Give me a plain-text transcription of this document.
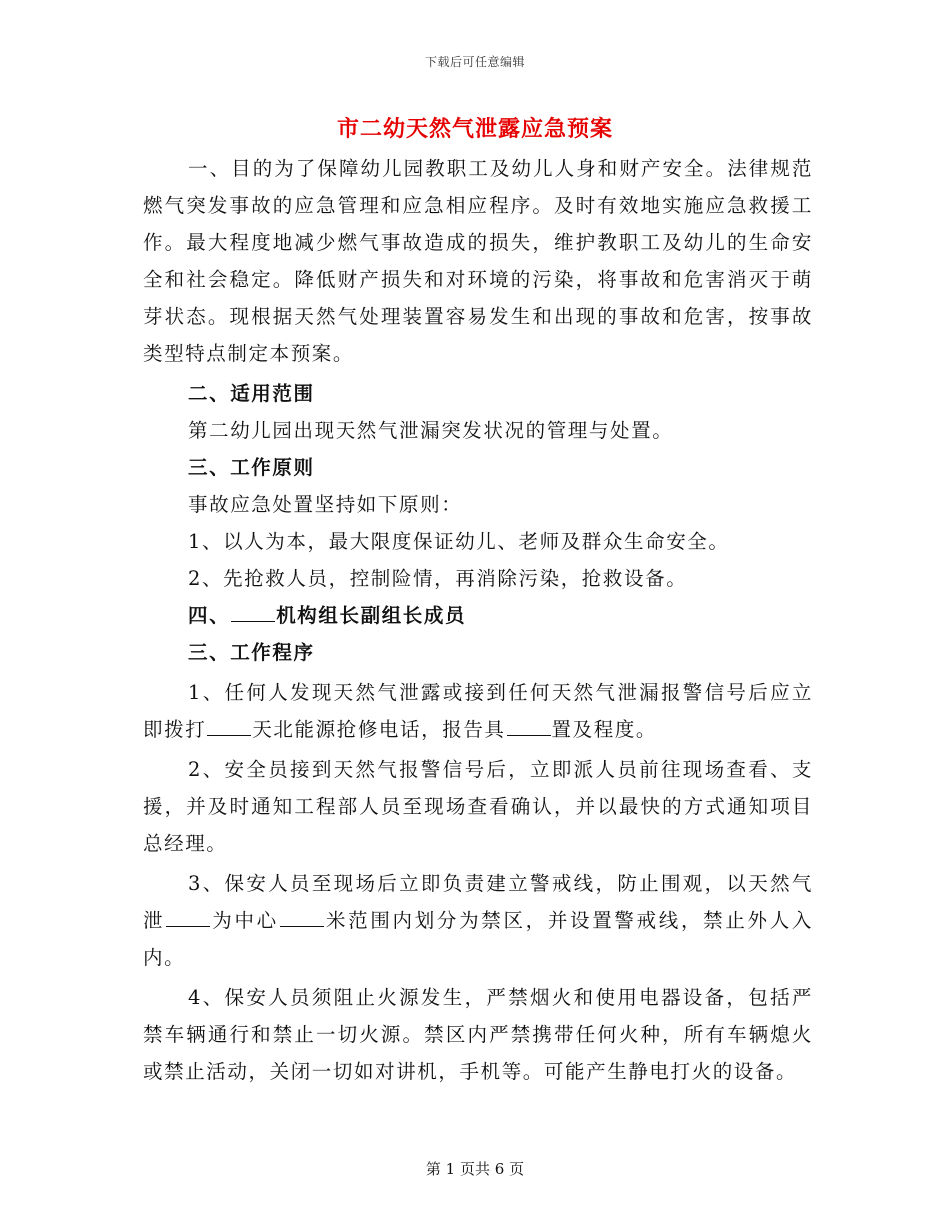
下载后可任意编辑
市二幼天然气泄露应急预案

一、目的为了保障幼儿园教职工及幼儿人身和财产安全。法律规范燃气突发事故的应急管理和应急相应程序。及时有效地实施应急救援工作。最大程度地减少燃气事故造成的损失，维护教职工及幼儿的生命安全和社会稳定。降低财产损失和对环境的污染，将事故和危害消灭于萌芽状态。现根据天然气处理装置容易发生和出现的事故和危害，按事故类型特点制定本预案。

二、适用范围

第二幼儿园出现天然气泄漏突发状况的管理与处置。

三、工作原则

事故应急处置坚持如下原则：

1、以人为本，最大限度保证幼儿、老师及群众生命安全。

2、先抢救人员，控制险情，再消除污染，抢救设备。

四、 机构组长副组长成员

三、工作程序

1、任何人发现天然气泄露或接到任何天然气泄漏报警信号后应立即拨打 天北能源抢修电话，报告具 置及程度。

2、安全员接到天然气报警信号后，立即派人员前往现场查看、支援，并及时通知工程部人员至现场查看确认，并以最快的方式通知项目总经理。

3、保安人员至现场后立即负责建立警戒线，防止围观，以天然气泄 为中心 米范围内划分为禁区，并设置警戒线，禁止外人入内。

4、保安人员须阻止火源发生，严禁烟火和使用电器设备，包括严禁车辆通行和禁止一切火源。禁区内严禁携带任何火种，所有车辆熄火或禁止活动，关闭一切如对讲机，手机等。可能产生静电打火的设备。

第 1 页共 6 页
